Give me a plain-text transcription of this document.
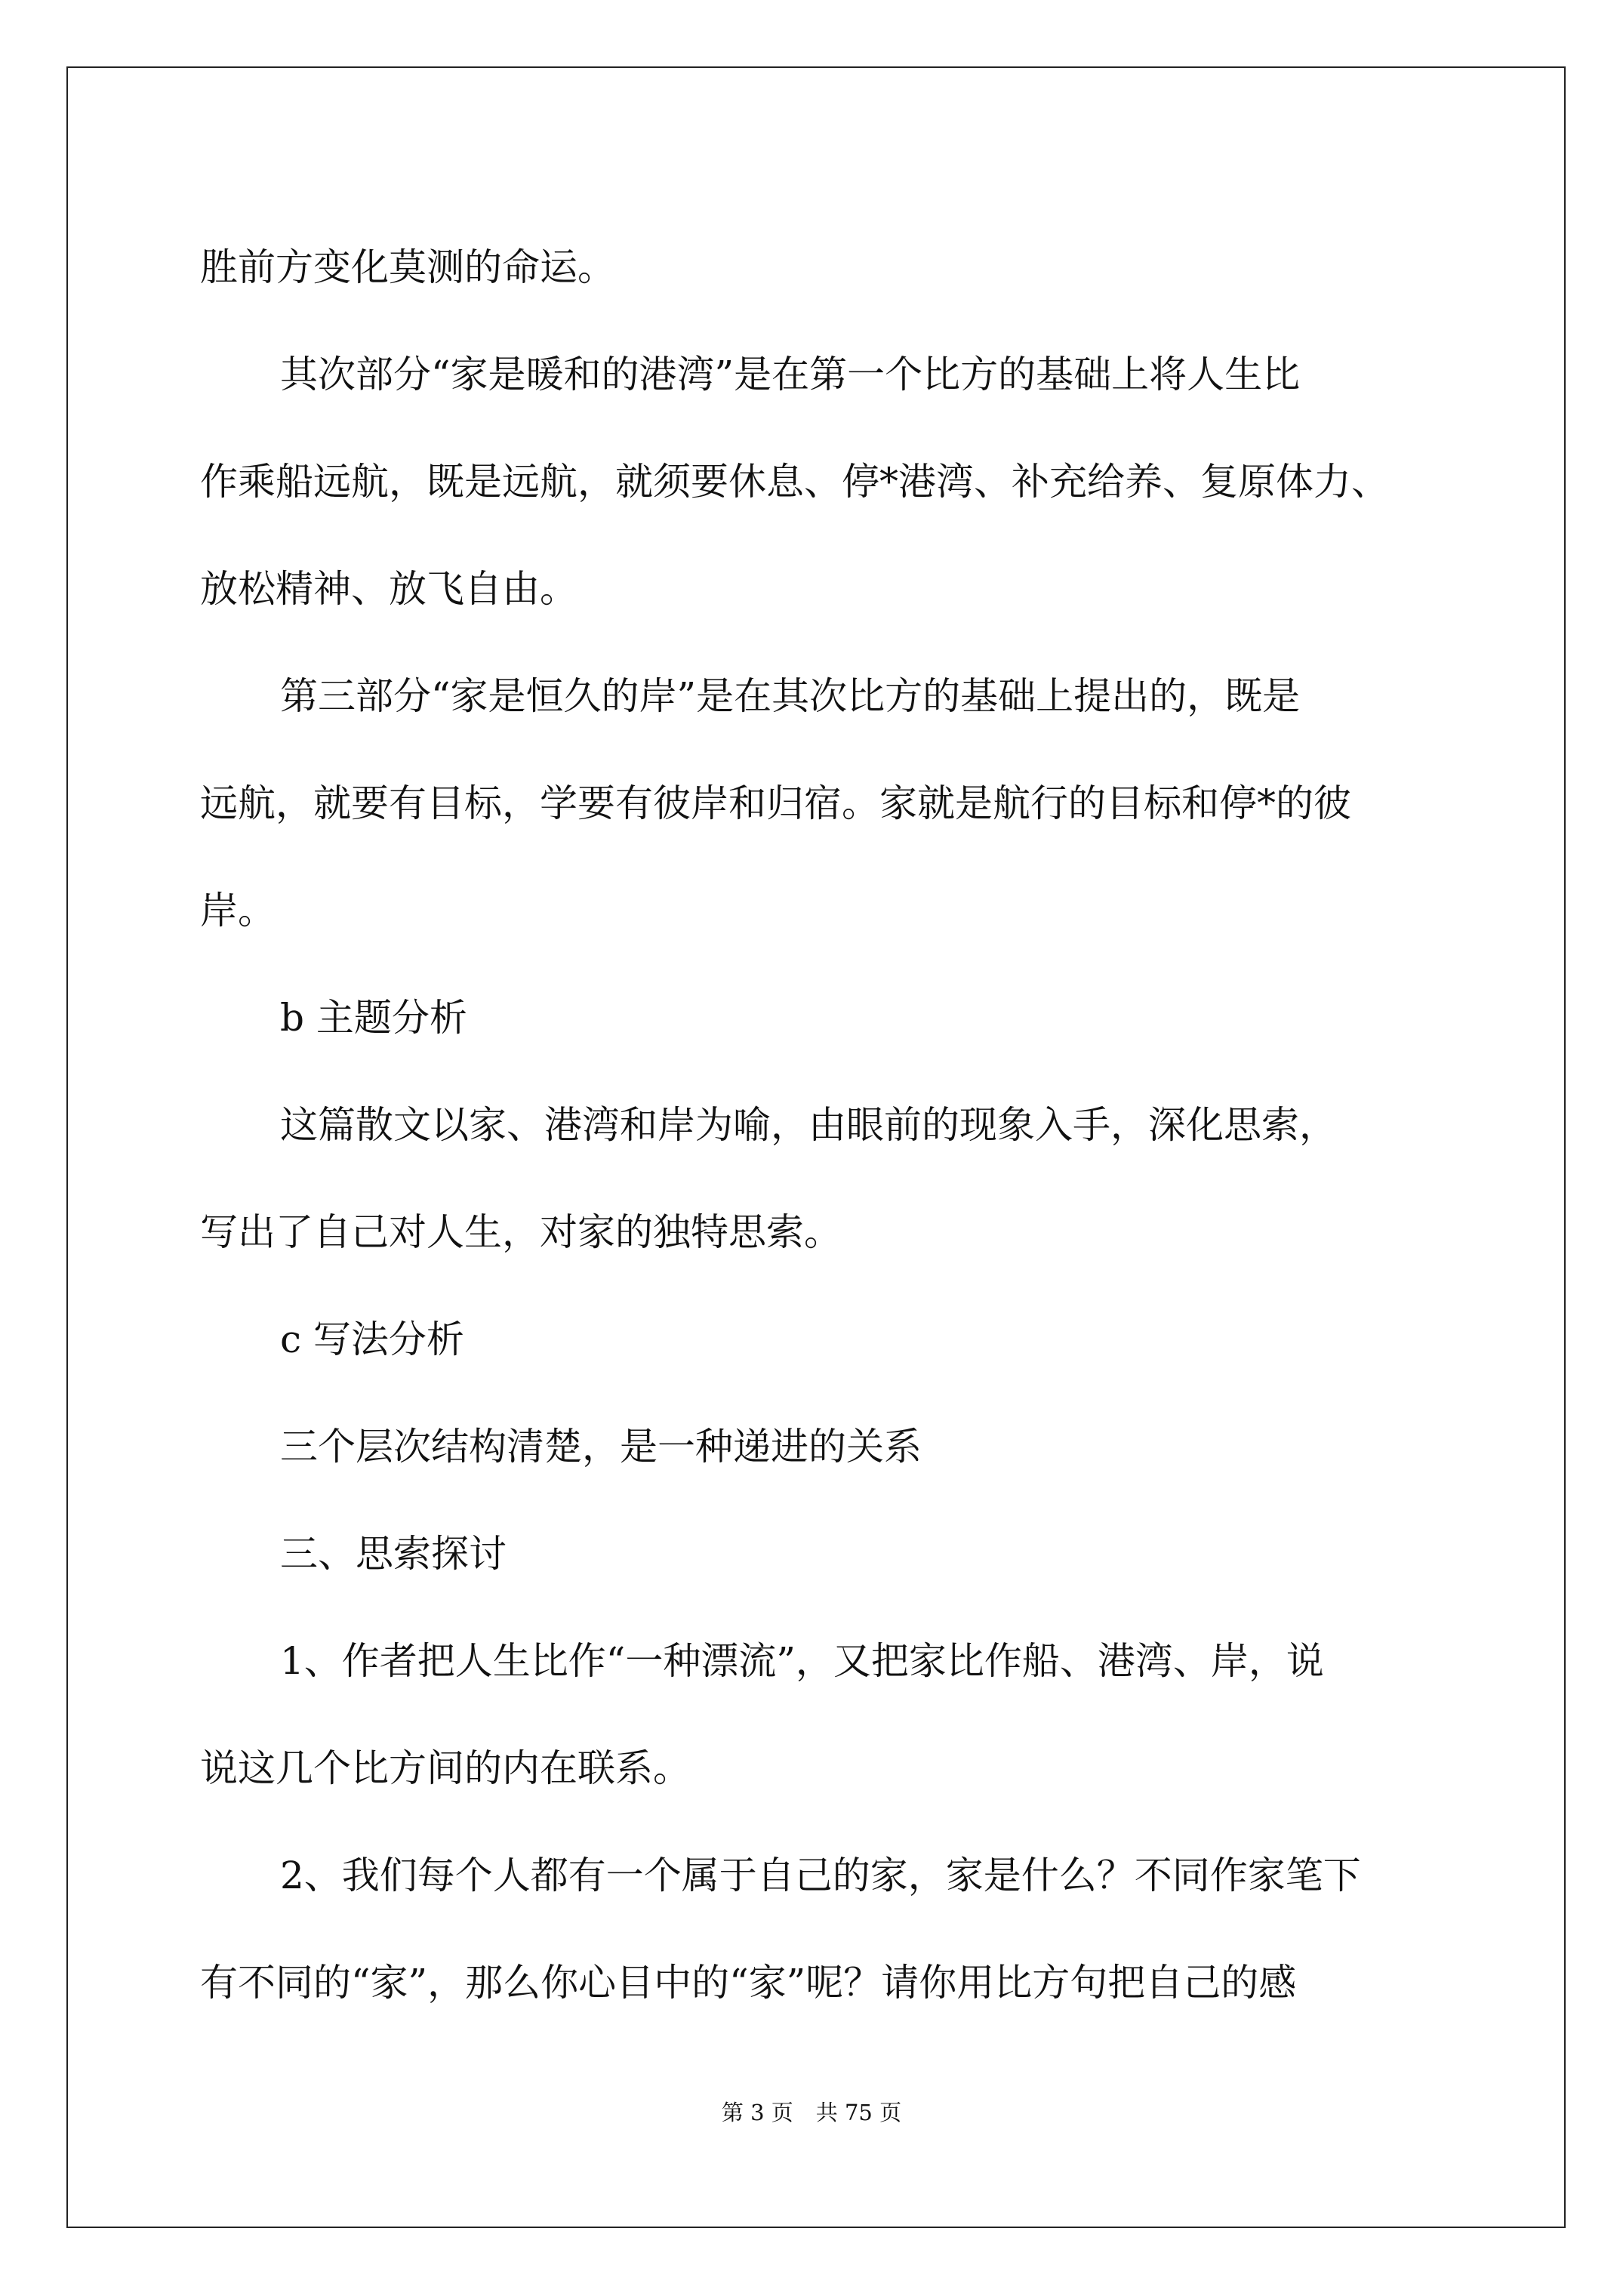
胜前方变化莫测的命运。

其次部分“家是暖和的港湾”是在第一个比方的基础上将人生比

作乘船远航，既是远航，就须要休息、停*港湾、补充给养、复原体力、

放松精神、放飞自由。

第三部分“家是恒久的岸”是在其次比方的基础上提出的，既是

远航，就要有目标，学要有彼岸和归宿。家就是航行的目标和停*的彼

岸。

b 主题分析

这篇散文以家、港湾和岸为喻，由眼前的现象入手，深化思索，

写出了自己对人生，对家的独特思索。

c 写法分析

三个层次结构清楚，是一种递进的关系

三、思索探讨

1、作者把人生比作“一种漂流”，又把家比作船、港湾、岸，说

说这几个比方间的内在联系。

2、我们每个人都有一个属于自己的家，家是什么？不同作家笔下

有不同的“家”，那么你心目中的“家”呢？请你用比方句把自己的感

第 3 页 共 75 页
